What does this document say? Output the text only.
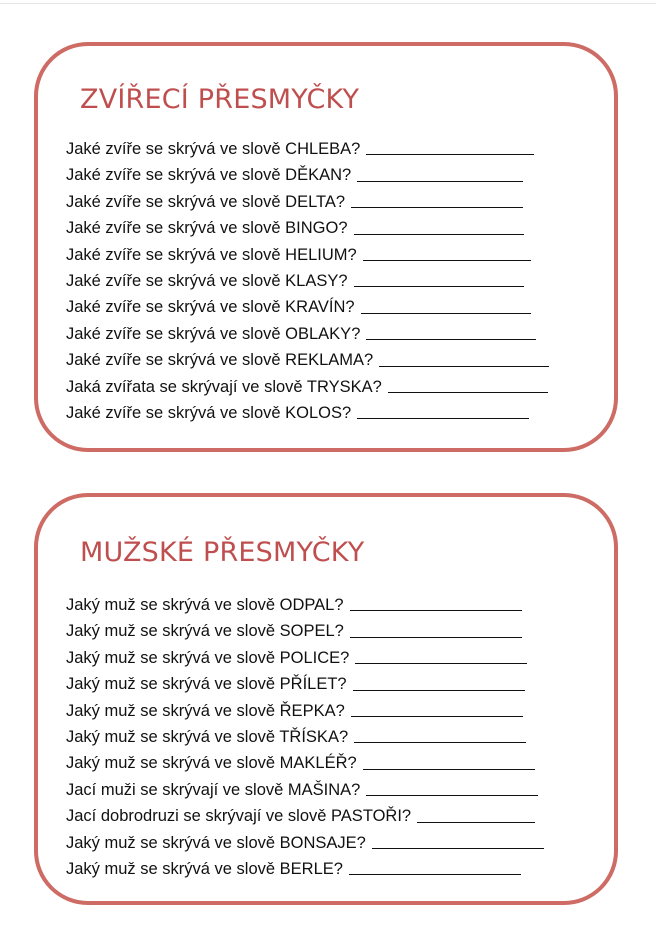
ZVÍŘECÍ PŘESMYČKY
Jaké zvíře se skrývá ve slově CHLEBA?
Jaké zvíře se skrývá ve slově DĚKAN?
Jaké zvíře se skrývá ve slově DELTA?
Jaké zvíře se skrývá ve slově BINGO?
Jaké zvíře se skrývá ve slově HELIUM?
Jaké zvíře se skrývá ve slově KLASY?
Jaké zvíře se skrývá ve slově KRAVÍN?
Jaké zvíře se skrývá ve slově OBLAKY?
Jaké zvíře se skrývá ve slově REKLAMA?
Jaká zvířata se skrývají ve slově TRYSKA?
Jaké zvíře se skrývá ve slově KOLOS?
MUŽSKÉ PŘESMYČKY
Jaký muž se skrývá ve slově ODPAL?
Jaký muž se skrývá ve slově SOPEL?
Jaký muž se skrývá ve slově POLICE?
Jaký muž se skrývá ve slově PŘÍLET?
Jaký muž se skrývá ve slově ŘEPKA?
Jaký muž se skrývá ve slově TŘÍSKA?
Jaký muž se skrývá ve slově MAKLÉŘ?
Jací muži se skrývají ve slově MAŠINA?
Jací dobrodruzi se skrývají ve slově PASTOŘI?
Jaký muž se skrývá ve slově BONSAJE?
Jaký muž se skrývá ve slově BERLE?
